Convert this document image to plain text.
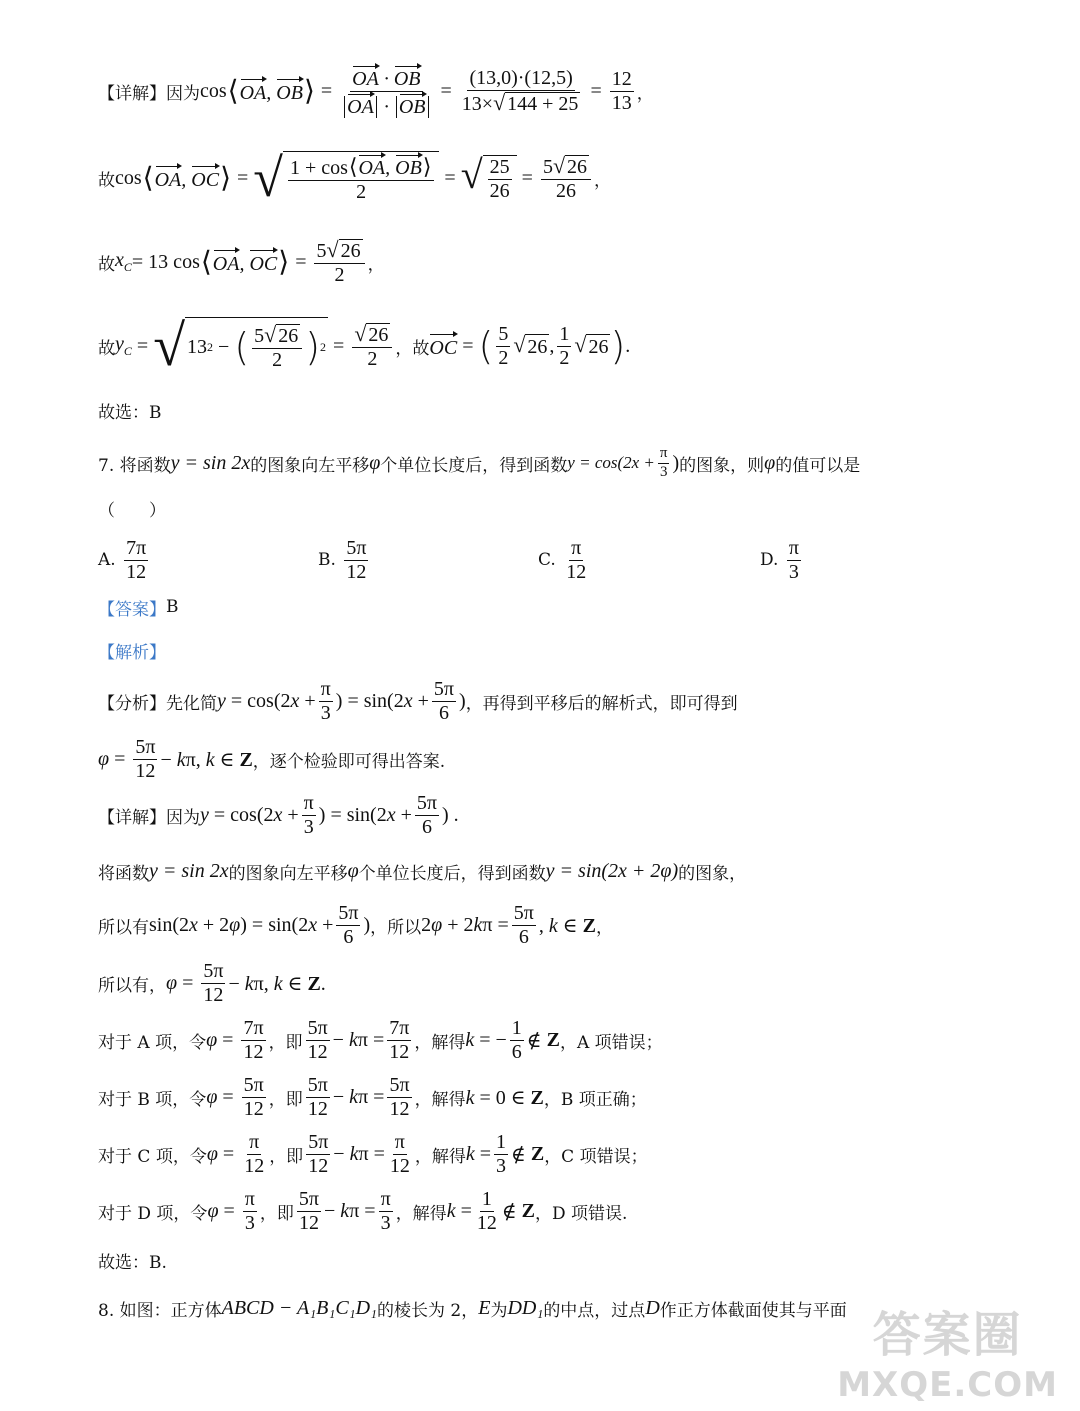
【详解】因为 cos ⟨ OA, OB ⟩ = $\frac{OA \cdot OB}{OA \cdot OB} = \frac{(13,0)\cdot(12,5)}{13\times √ 144 + 25} = \frac{12}{13}$ ，
故 cos ⟨ OA, OC ⟩ = √ $\frac{1 + \cos⟨OA, OB⟩}{2}$ = √ $\frac{25}{26} = \frac{5 √ 26}{26}$ ，
故 $x_C = 13$ cos ⟨ OA, OC ⟩ = $\frac{5 √ 26}{2}$ ，
故 $y_C$ = √ 13 2 − ( $\frac{5 √ 26}{2}$ ) $2 = \frac{√ 26}{2}$ ，故 OC = ( $\frac{5}{2}$ √ 26 , $\frac{1}{2}$ √ 26 ) .
故选：B
7. 将函数 y = sin 2x 的图象向左平移 φ 个单位长度后，得到函数 $y = \cos(2x + \frac{\pi}{3}$ ) 的图象，则 φ 的值可以是
（　　）
A.
$\frac{7\pi}{12}$	B.
$\frac{5\pi}{12}$	C.
$\frac{\pi}{12}$	D.
$\frac{\pi}{3}$
【答案】 B
【解析】
【分析】先化简 $y = \cos(2x + \frac{\pi}{3}$ ) = $\sin(2x + \frac{5\pi}{6}$ ) ，再得到平移后的解析式，即可得到
$\varphi = \frac{5\pi}{12} - k\pi$, k ∈ Z ，逐个检验即可得出答案.
【详解】因为 $y = \cos(2x + \frac{\pi}{3}$ ) = $\sin(2x + \frac{5\pi}{6}$ ) .
将函数 y = sin 2x 的图象向左平移 φ 个单位长度后，得到函数 y = sin(2x + 2φ) 的图象，
所以有 $\sin(2x + 2\varphi) = \sin(2x + \frac{5\pi}{6}$ ) ，所以 $2\varphi + 2k\pi = \frac{5\pi}{6}$ , k ∈ Z ，
所以有， $\varphi = \frac{5\pi}{12} - k\pi$, k ∈ Z.
对于 A 项，令 $\varphi = \frac{7\pi}{12}$ ，即 $\frac{5\pi}{12} - k\pi = \frac{7\pi}{12}$ ，解得 k = − $\frac{1}{6}$ ∉ Z ，A 项错误；
对于 B 项，令 $\varphi = \frac{5\pi}{12}$ ，即 $\frac{5\pi}{12} - k\pi = \frac{5\pi}{12}$ ，解得 k = 0 ∈ Z ，B 项正确；
对于 C 项，令 $\varphi = \frac{\pi}{12}$ ，即 $\frac{5\pi}{12} - k\pi = \frac{\pi}{12}$ ，解得 $k = \frac{1}{3}$ ∉ Z ，C 项错误；
对于 D 项，令 $\varphi = \frac{\pi}{3}$ ，即 $\frac{5\pi}{12} - k\pi = \frac{\pi}{3}$ ，解得 $k = \frac{1}{12}$ ∉ Z ，D 项错误.
故选：B.
8. 如图：正方体 ABCD − A₁B₁C₁D₁ 的棱长为 2， E 为 DD₁ 的中点，过点 D 作正方体截面使其与平面 答案圈
MXQE.COM
